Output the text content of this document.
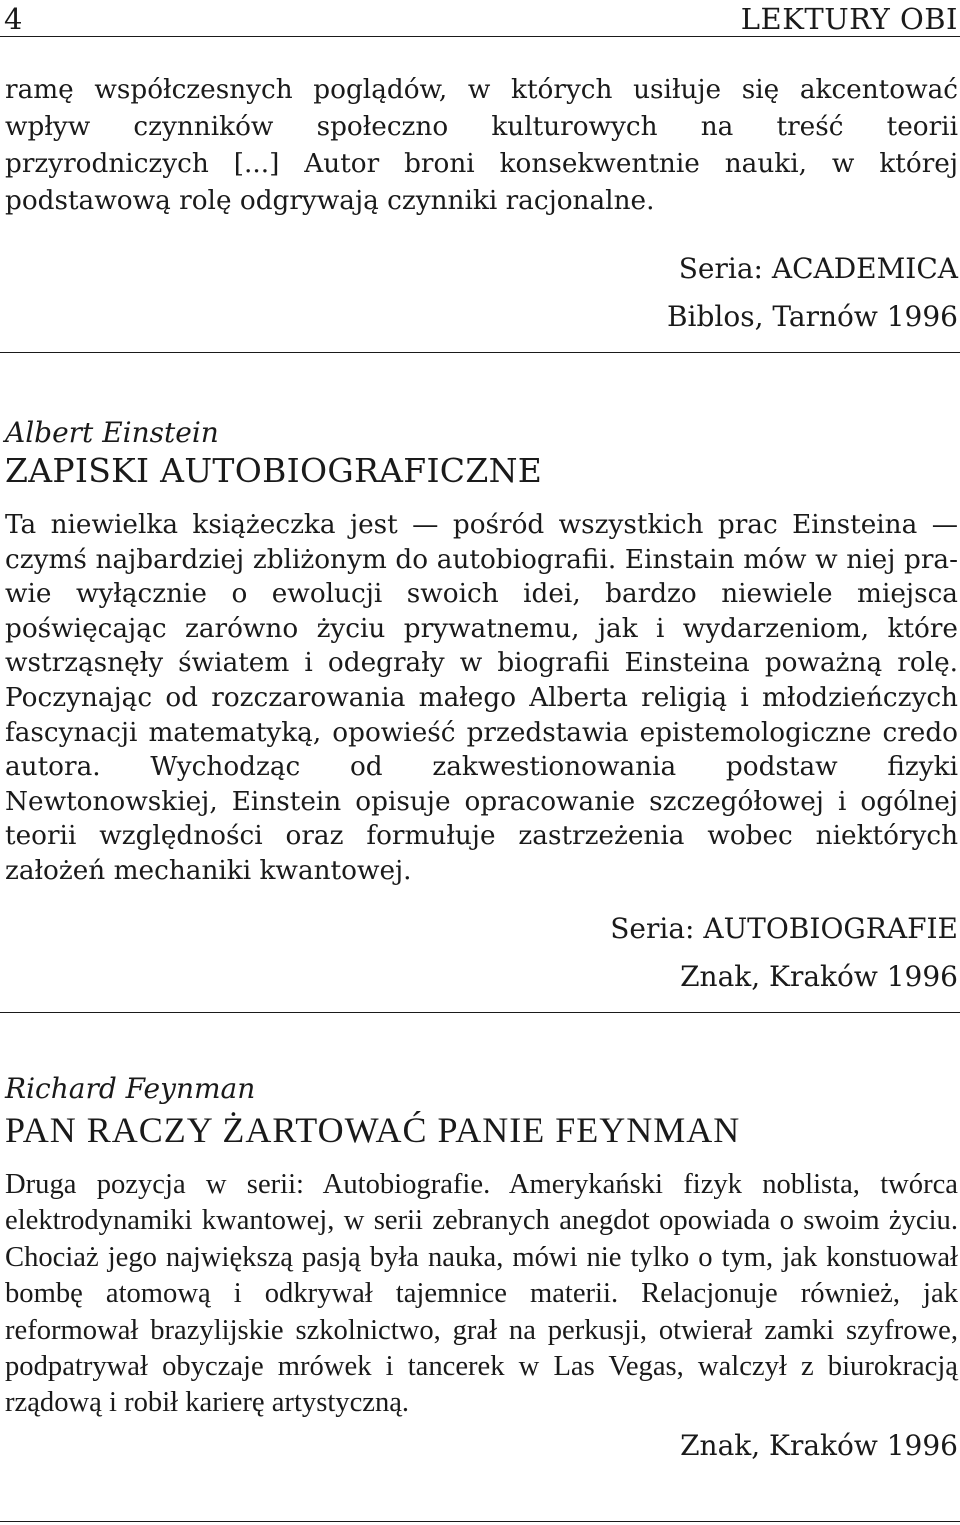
4	LEKTURY OBI

ramę współczesnych poglądów, w których usiłuje się akcentować wpływ czynników społeczno kulturowych na treść teorii przyrodniczych [...] Autor broni konsekwentnie nauki, w której podstawową rolę odgrywają czynniki racjonalne.

Seria: ACADEMICA
Biblos, Tarnów 1996
Albert Einstein
ZAPISKI AUTOBIOGRAFICZNE

Ta niewielka książeczka jest — pośród wszystkich prac Einsteina — czymś najbardziej zbliżonym do autobiografii. Einstain mów w niej prawie wyłącznie o ewolucji swoich idei, bardzo niewiele miejsca poświęcając zarówno życiu prywatnemu, jak i wydarzeniom, które wstrząsnęły światem i odegrały w biografii Einsteina poważną rolę. Poczynając od rozczarowania małego Alberta religią i młodzieńczych fascynacji matematyką, opowieść przedstawia epistemologiczne credo autora. Wychodząc od zakwestionowania podstaw fizyki Newtonowskiej, Einstein opisuje opracowanie szczegółowej i ogólnej teorii względności oraz formułuje zastrzeżenia wobec niektórych założeń mechaniki kwantowej.

Seria: AUTOBIOGRAFIE
Znak, Kraków 1996
Richard Feynman
PAN RACZY ŻARTOWAĆ PANIE FEYNMAN

Druga pozycja w serii: Autobiografie. Amerykański fizyk noblista, twórca elektrodynamiki kwantowej, w serii zebranych anegdot opowiada o swoim życiu. Chociaż jego największą pasją była nauka, mówi nie tylko o tym, jak konstuował bombę atomową i odkrywał tajemnice materii. Relacjonuje również, jak reformował brazylijskie szkolnictwo, grał na perkusji, otwierał zamki szyfrowe, podpatrywał obyczaje mrówek i tancerek w Las Vegas, walczył z biurokracją rządową i robił karierę artystyczną.

Znak, Kraków 1996
